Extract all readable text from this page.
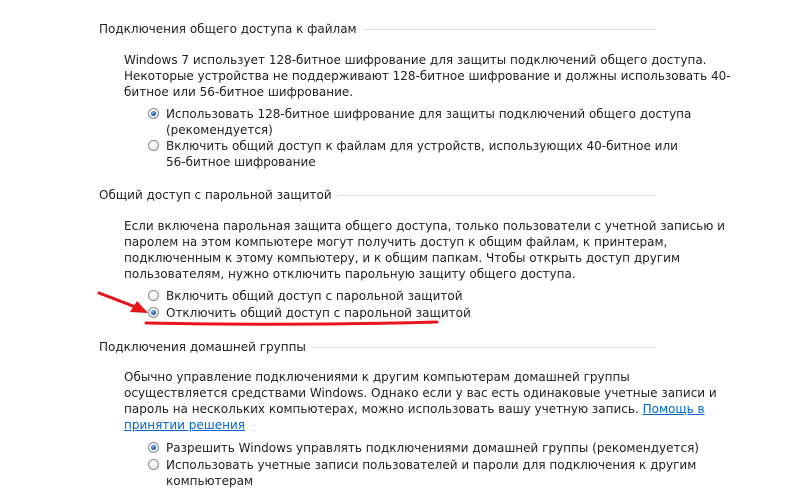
Подключения общего доступа к файлам
Windows 7 использует 128-битное шифрование для защиты подключений общего доступа.
Некоторые устройства не поддерживают 128-битное шифрование и должны использовать 40-
битное или 56-битное шифрование.
Использовать 128-битное шифрование для защиты подключений общего доступа
(рекомендуется)
Включить общий доступ к файлам для устройств, использующих 40-битное или
56-битное шифрование
Общий доступ с парольной защитой
Если включена парольная защита общего доступа, только пользователи с учетной записью и
паролем на этом компьютере могут получить доступ к общим файлам, к принтерам,
подключенным к этому компьютеру, и к общим папкам. Чтобы открыть доступ другим
пользователям, нужно отключить парольную защиту общего доступа.
Включить общий доступ с парольной защитой
Отключить общий доступ с парольной защитой
Подключения домашней группы
Обычно управление подключениями к другим компьютерам домашней группы
осуществляется средствами Windows. Однако если у вас есть одинаковые учетные записи и
пароль на нескольких компьютерах, можно использовать вашу учетную запись. Помощь в
принятии решения
Разрешить Windows управлять подключениями домашней группы (рекомендуется)
Использовать учетные записи пользователей и пароли для подключения к другим
компьютерам
